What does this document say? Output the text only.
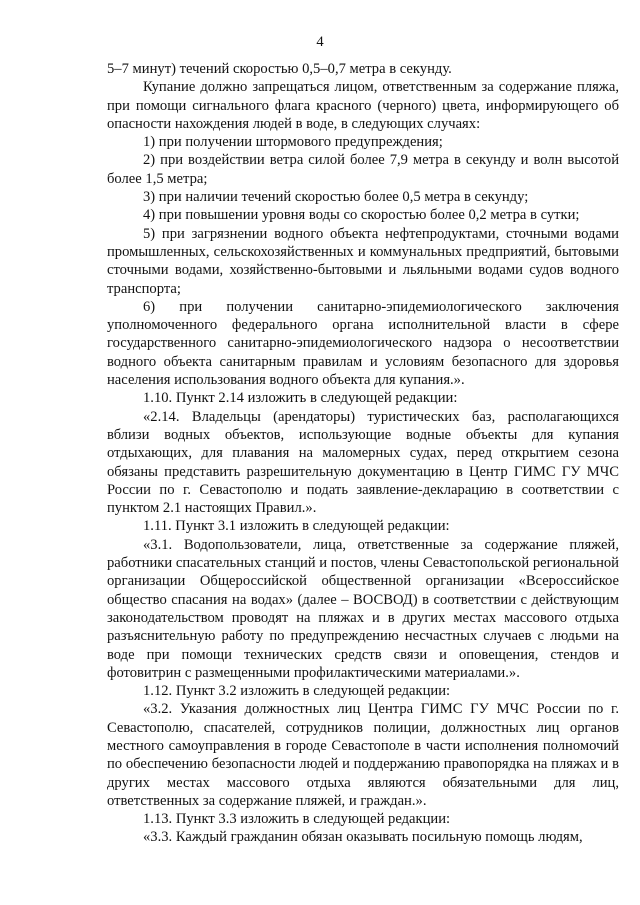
4

5–7 минут) течений скоростью 0,5–0,7 метра в секунду.

Купание должно запрещаться лицом, ответственным за содержание пляжа, при помощи сигнального флага красного (черного) цвета, информирующего об опасности нахождения людей в воде, в следующих случаях:

1) при получении штормового предупреждения;

2) при воздействии ветра силой более 7,9 метра в секунду и волн высотой более 1,5 метра;

3) при наличии течений скоростью более 0,5 метра в секунду;

4) при повышении уровня воды со скоростью более 0,2 метра в сутки;

5) при загрязнении водного объекта нефтепродуктами, сточными водами промышленных, сельскохозяйственных и коммунальных предприятий, бытовыми сточными водами, хозяйственно-бытовыми и льяльными водами судов водного транспорта;

6) при получении санитарно-эпидемиологического заключения уполномоченного федерального органа исполнительной власти в сфере государственного санитарно-эпидемиологического надзора о несоответствии водного объекта санитарным правилам и условиям безопасного для здоровья населения использования водного объекта для купания.».

1.10. Пункт 2.14 изложить в следующей редакции:

«2.14. Владельцы (арендаторы) туристических баз, располагающихся вблизи водных объектов, использующие водные объекты для купания отдыхающих, для плавания на маломерных судах, перед открытием сезона обязаны представить разрешительную документацию в Центр ГИМС ГУ МЧС России по г. Севастополю и подать заявление-декларацию в соответствии с пунктом 2.1 настоящих Правил.».

1.11. Пункт 3.1 изложить в следующей редакции:

«3.1. Водопользователи, лица, ответственные за содержание пляжей, работники спасательных станций и постов, члены Севастопольской региональной организации Общероссийской общественной организации «Всероссийское общество спасания на водах» (далее – ВОСВОД) в соответствии с действующим законодательством проводят на пляжах и в других местах массового отдыха разъяснительную работу по предупреждению несчастных случаев с людьми на воде при помощи технических средств связи и оповещения, стендов и фотовитрин с размещенными профилактическими материалами.».

1.12. Пункт 3.2 изложить в следующей редакции:

«3.2. Указания должностных лиц Центра ГИМС ГУ МЧС России по г. Севастополю, спасателей, сотрудников полиции, должностных лиц органов местного самоуправления в городе Севастополе в части исполнения полномочий по обеспечению безопасности людей и поддержанию правопорядка на пляжах и в других местах массового отдыха являются обязательными для лиц, ответственных за содержание пляжей, и граждан.».

1.13. Пункт 3.3 изложить в следующей редакции:

«3.3. Каждый гражданин обязан оказывать посильную помощь людям,
